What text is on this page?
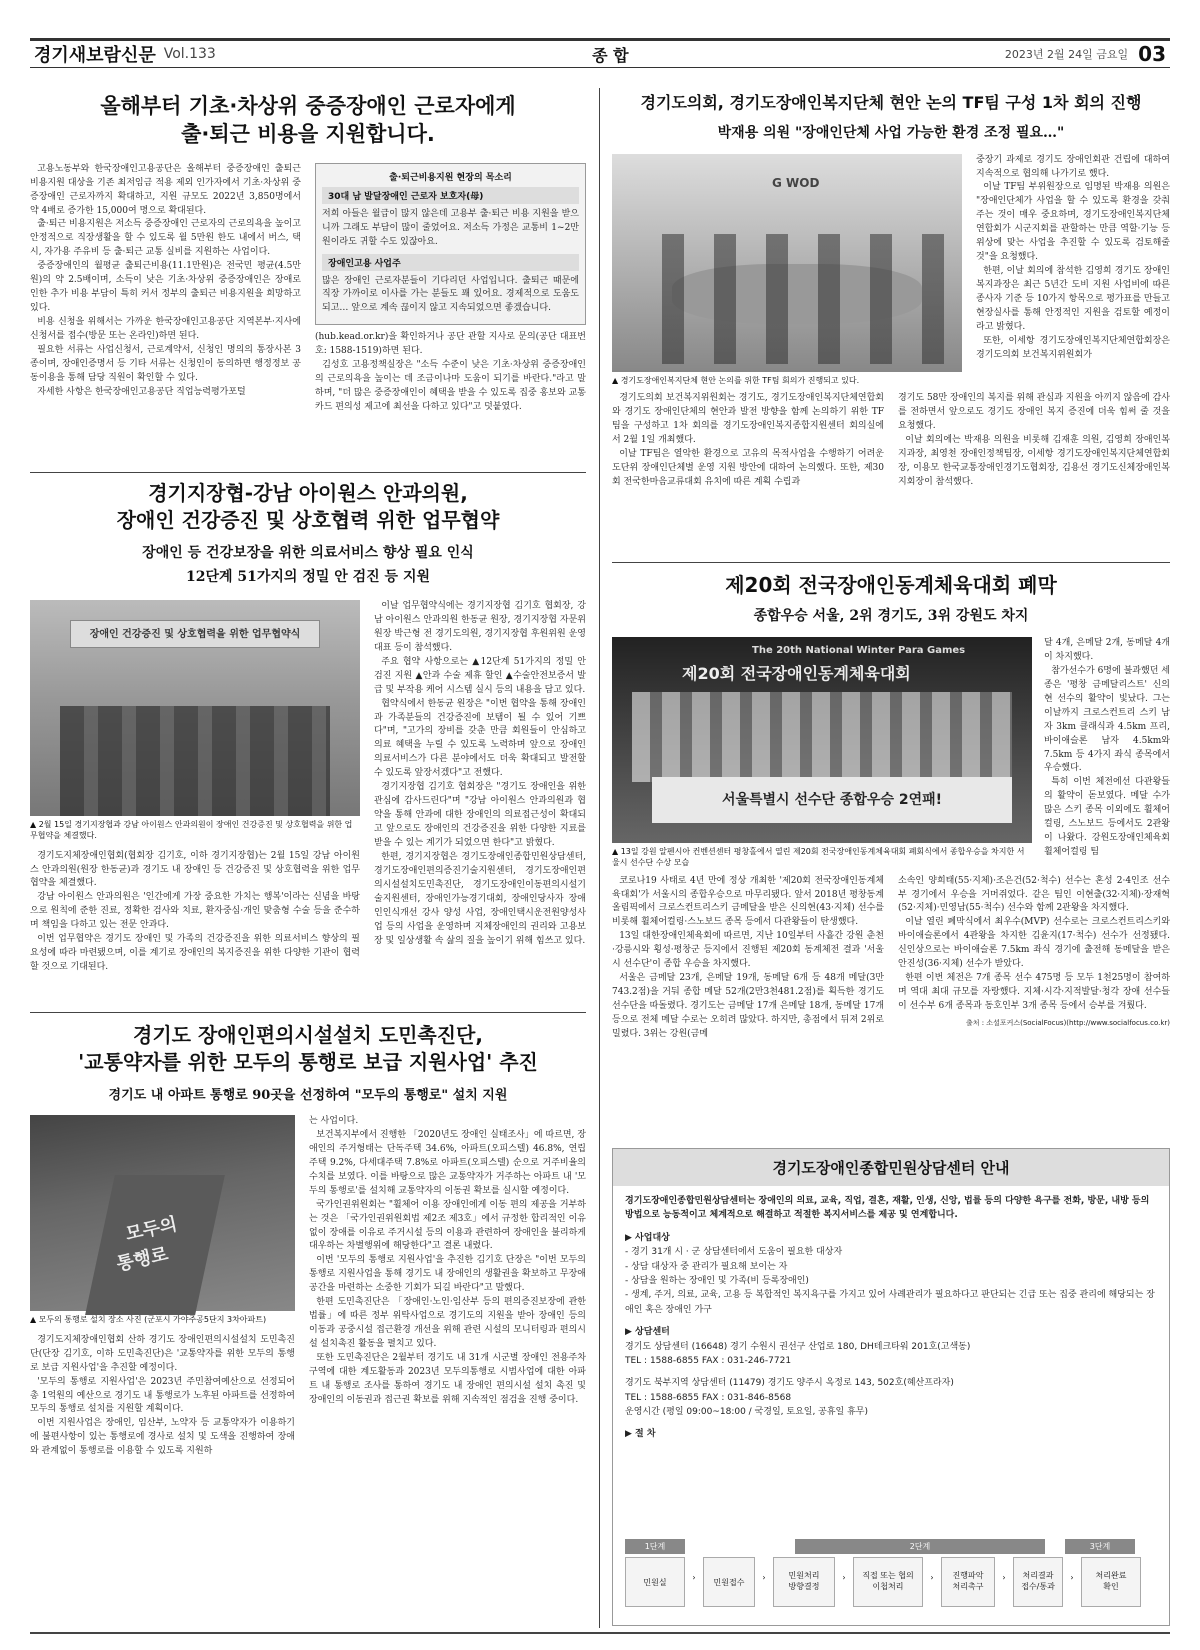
경기새보람신문 Vol.133	종 합	2023년 2월 24일 금요일 03
올해부터 기초·차상위 중증장애인 근로자에게
출·퇴근 비용을 지원합니다.

고용노동부와 한국장애인고용공단은 올해부터 중증장애인 출퇴근 비용지원 대상을 기존 최저임금 적용 제외 인가자에서 기초·차상위 중증장애인 근로자까지 확대하고, 지원 규모도 2022년 3,850명에서 약 4배로 증가한 15,000여 명으로 확대된다.

출·퇴근 비용지원은 저소득 중증장애인 근로자의 근로의욕을 높이고 안정적으로 직장생활을 할 수 있도록 월 5만원 한도 내에서 버스, 택시, 자가용 주유비 등 출·퇴근 교통 실비를 지원하는 사업이다.

중증장애인의 월평균 출퇴근비용(11.1만원)은 전국민 평균(4.5만원)의 약 2.5배이며, 소득이 낮은 기초·차상위 중증장애인은 장애로 인한 추가 비용 부담이 특히 커서 정부의 출퇴근 비용지원을 희망하고 있다.

비용 신청을 위해서는 가까운 한국장애인고용공단 지역본부·지사에 신청서를 접수(방문 또는 온라인)하면 된다.

필요한 서류는 사업신청서, 근로계약서, 신청인 명의의 통장사본 3종이며, 장애인증명서 등 기타 서류는 신청인이 동의하면 행정정보 공동이용을 통해 담당 직원이 확인할 수 있다.

자세한 사항은 한국장애인고용공단 직업능력평가포털

출·퇴근비용지원 현장의 목소리
30대 남 발달장애인 근로자 보호자(母)
저희 아들은 월급이 많지 않은데 고용부 출·퇴근 비용 지원을 받으니까 그래도 부담이 많이 줄었어요. 저소득 가정은 교통비 1~2만원이라도 귀할 수도 있잖아요.
장애인고용 사업주
많은 장애인 근로자분들이 기다리던 사업입니다. 출퇴근 때문에 직장 가까이로 이사를 가는 분들도 꽤 있어요. 경제적으로 도움도 되고… 앞으로 계속 끊이지 않고 지속되었으면 좋겠습니다.

(hub.kead.or.kr)을 확인하거나 공단 관할 지사로 문의(공단 대표번호: 1588-1519)하면 된다.

김성호 고용정책실장은 "소득 수준이 낮은 기초·차상위 중증장애인의 근로의욕을 높이는 데 조금이나마 도움이 되기를 바란다."라고 말하며, "더 많은 중증장애인이 혜택을 받을 수 있도록 집중 홍보와 교통카드 편의성 제고에 최선을 다하고 있다"고 덧붙였다.

경기지장협-강남 아이원스 안과의원,
장애인 건강증진 및 상호협력 위한 업무협약
장애인 등 건강보장을 위한 의료서비스 향상 필요 인식
12단계 51가지의 정밀 안 검진 등 지원
장애인 건강증진 및 상호협력을 위한 업무협약식
▲ 2월 15일 경기지장협과 강남 아이원스 안과의원이 장애인 건강증진 및 상호협력을 위한 업무협약을 체결했다.

경기도지체장애인협회(협회장 김기호, 이하 경기지장협)는 2월 15일 강남 아이원스 안과의원(원장 한동균)과 경기도 내 장애인 등 건강증진 및 상호협력을 위한 업무협약을 체결했다.

강남 아이원스 안과의원은 '인간에게 가장 중요한 가치는 행복'이라는 신념을 바탕으로 원칙에 준한 진료, 정확한 검사와 치료, 환자중심·개인 맞춤형 수술 등을 준수하며 책임을 다하고 있는 전문 안과다.

이번 업무협약은 경기도 장애인 및 가족의 건강증진을 위한 의료서비스 향상의 필요성에 따라 마련됐으며, 이를 계기로 장애인의 복지증진을 위한 다양한 기관이 협력할 것으로 기대된다.

이날 업무협약식에는 경기지장협 김기호 협회장, 강남 아이원스 안과의원 한동균 원장, 경기지장협 자문위원장 박근형 전 경기도의원, 경기지장협 후원위원 운영 대표 등이 참석했다.

주요 협약 사항으로는 ▲12단계 51가지의 정밀 안 검진 지원 ▲안과 수술 제휴 할인 ▲수술안전보증서 발급 및 부작용 케어 시스템 실시 등의 내용을 담고 있다.

협약식에서 한동균 원장은 "이번 협약을 통해 장애인과 가족분들의 건강증진에 보탬이 될 수 있어 기쁘다"며, "고가의 장비를 갖춘 만큼 회원들이 안심하고 의료 혜택을 누릴 수 있도록 노력하며 앞으로 장애인 의료서비스가 다른 분야에서도 더욱 확대되고 발전할 수 있도록 앞장서겠다"고 전했다.

경기지장협 김기호 협회장은 "경기도 장애인을 위한 관심에 감사드린다"며 "강남 아이원스 안과의원과 협약을 통해 안과에 대한 장애인의 의료접근성이 확대되고 앞으로도 장애인의 건강증진을 위한 다양한 지료를 받을 수 있는 계기가 되었으면 한다"고 밝혔다.

한편, 경기지장협은 경기도장애인종합민원상담센터, 경기도장애인편의증진기술지원센터, 경기도장애인편의시설설치도민촉진단, 경기도장애인이동편의시설기술지원센터, 장애인가능경기대회, 장애인당사자 장애인인식개선 강사 양성 사업, 장애인택시운전원양성사업 등의 사업을 운영하며 지체장애인의 권리와 고용보장 및 일상생활 속 삶의 질을 높이기 위해 힘쓰고 있다.

경기도 장애인편의시설설치 도민촉진단,
'교통약자를 위한 모두의 통행로 보급 지원사업' 추진
경기도 내 아파트 통행로 90곳을 선정하여 "모두의 통행로" 설치 지원
모두의
통행로
▲ 모두의 통행로 설치 장소 사진 (군포시 가야주공5단지 3차아파트)

경기도지체장애인협회 산하 경기도 장애인편의시설설치 도민촉진단(단장 김기호, 이하 도민촉진단)은 '교통약자를 위한 모두의 통행로 보급 지원사업'을 추진할 예정이다.

'모두의 통행로 지원사업'은 2023년 주민참여예산으로 선정되어 총 1억원의 예산으로 경기도 내 통행로가 노후된 아파트를 선정하여 모두의 통행로 설치를 지원할 계획이다.

이번 지원사업은 장애인, 임산부, 노약자 등 교통약자가 이용하기에 불편사항이 있는 통행로에 경사로 설치 및 도색을 진행하여 장애와 관계없이 통행로를 이용할 수 있도록 지원하

는 사업이다.

보건복지부에서 진행한 「2020년도 장애인 실태조사」에 따르면, 장애인의 주거형태는 단독주택 34.6%, 아파트(오피스텔) 46.8%, 연립주택 9.2%, 다세대주택 7.8%로 아파트(오피스텔) 순으로 거주비율의 수치를 보였다. 이를 바탕으로 많은 교통약자가 거주하는 아파트 내 '모두의 통행로'를 설치해 교통약자의 이동권 확보를 실시할 예정이다.

국가인권위원회는 "휠체어 이용 장애인에게 이동 편의 제공을 거부하는 것은 「국가인권위원회법 제2조 제3호」에서 규정한 합리적인 이유 없이 장애를 이유로 주거시설 등의 이용과 관련하여 장애인을 불리하게 대우하는 차별행위에 해당한다"고 결론 내렸다.

이번 '모두의 통행로 지원사업'을 추진한 김기호 단장은 "이번 모두의 통행로 지원사업을 통해 경기도 내 장애인의 생활권을 확보하고 무장애 공간을 마련하는 소중한 기회가 되길 바란다"고 말했다.

한편 도민촉진단은 「장애인·노인·임산부 등의 편의증진보장에 관한 법률」에 따른 정부 위탁사업으로 경기도의 지원을 받아 장애인 등의 이동과 공중시설 접근환경 개선을 위해 관련 시설의 모니터링과 편의시설 설치촉진 활동을 펼치고 있다.

또한 도민촉진단은 2월부터 경기도 내 31개 시군별 장애인 전용주차구역에 대한 계도활동과 2023년 모두의통행로 시범사업에 대한 아파트 내 통행로 조사를 통하여 경기도 내 장애인 편의시설 설치 촉진 및 장애인의 이동권과 접근권 확보를 위해 지속적인 점검을 진행 중이다.

경기도의회, 경기도장애인복지단체 현안 논의 TF팀 구성 1차 회의 진행
박재용 의원 "장애인단체 사업 가능한 환경 조정 필요…"
G WOD
▲ 경기도장애인복지단체 현안 논의를 위한 TF팀 회의가 진행되고 있다.

중장기 과제로 경기도 장애인회관 건립에 대하여 지속적으로 협의해 나가기로 했다.

이날 TF팀 부위원장으로 임명된 박재용 의원은 "장애인단체가 사업을 할 수 있도록 환경을 갖춰주는 것이 매우 중요하며, 경기도장애인복지단체연합회가 시군지회를 관할하는 만큼 역할·기능 등 위상에 맞는 사업을 추진할 수 있도록 검토해줄 것"을 요청했다.

한편, 이날 회의에 참석한 김영희 경기도 장애인복지과장은 최근 5년간 도비 지원 사업비에 따른 종사자 기준 등 10가지 항목으로 평가표를 만들고 현장실사를 통해 안정적인 지원을 검토할 예정이라고 밝혔다.

또한, 이세항 경기도장애인복지단체연합회장은 경기도의회 보건복지위원회가

경기도의회 보건복지위원회는 경기도, 경기도장애인복지단체연합회와 경기도 장애인단체의 현안과 발전 방향을 함께 논의하기 위한 TF팀을 구성하고 1차 회의를 경기도장애인복지종합지원센터 회의실에서 2월 1일 개최했다.

이날 TF팀은 열악한 환경으로 고유의 목적사업을 수행하기 어려운 도단위 장애인단체별 운영 지원 방안에 대하여 논의했다. 또한, 제30회 전국한마음교류대회 유치에 따른 계획 수립과

경기도 58만 장애인의 복지를 위해 관심과 지원을 아끼지 않음에 감사를 전하면서 앞으로도 경기도 장애인 복지 증진에 더욱 힘써 줄 것을 요청했다.

이날 회의에는 박재용 의원을 비롯해 김재훈 의원, 김영희 장애인복지과장, 최영천 장애인정책팀장, 이세항 경기도장애인복지단체연합회장, 이용모 한국교통장애인경기도협회장, 김용선 경기도신체장애인복지회장이 참석했다.

제20회 전국장애인동계체육대회 폐막
종합우승 서울, 2위 경기도, 3위 강원도 차지
The 20th National Winter Para Games
제20회 전국장애인동계체육대회
서울특별시 선수단 종합우승 2연패!
▲ 13일 강원 알펜시아 컨벤션센터 평창홀에서 열린 제20회 전국장애인동계체육대회 폐회식에서 종합우승을 차지한 서울시 선수단 수상 모습

달 4개, 은메달 2개, 동메달 4개이 차지했다.

참가선수가 6명에 불과했던 세종은 '평창 금메달리스트' 신의현 선수의 활약이 빛났다. 그는 이날까지 크로스컨트리 스키 남자 3km 클래식과 4.5km 프리, 바이애슬론 남자 4.5km와 7.5km 등 4가지 좌식 종목에서 우승했다.

특히 이번 체전에선 다관왕들의 활약이 돋보였다. 메달 수가 많은 스키 종목 이외에도 휠체어컬링, 스노보드 등에서도 2관왕이 나왔다. 강원도장애인체육회 휠체어컬링 팀

코로나19 사태로 4년 만에 정상 개최한 '제20회 전국장애인동계체육대회'가 서울시의 종합우승으로 마무리됐다. 앞서 2018년 평창동계올림픽에서 크로스컨트리스키 금메달을 받은 신의현(43·지체) 선수를 비롯해 휠체어컬링·스노보드 종목 등에서 다관왕들이 탄생했다.

13일 대한장애인체육회에 따르면, 지난 10일부터 사흘간 강원 춘천·강릉시와 횡성·평창군 등지에서 진행된 제20회 동계체전 결과 '서울시 선수단'이 종합 우승을 차지했다.

서울은 금메달 23개, 은메달 19개, 동메달 6개 등 48개 메달(3만743.2점)을 거둬 종합 메달 52개(2만3천481.2점)를 획득한 경기도 선수단을 따돌렸다. 경기도는 금메달 17개 은메달 18개, 동메달 17개 등으로 전체 메달 수로는 오히려 많았다. 하지만, 총점에서 뒤져 2위로 밀렸다. 3위는 강원(금메

소속인 양희태(55·지체)·조은건(52·척수) 선수는 혼성 2·4인조 선수부 경기에서 우승을 거머쥐었다. 같은 팀인 이현출(32·지체)·장재혁(52·지체)·민영남(55·척수) 선수와 함께 2관왕을 차지했다.

이날 열린 폐막식에서 최우수(MVP) 선수로는 크로스컨트리스키와 바이애슬론에서 4관왕을 차지한 김윤지(17·척수) 선수가 선정됐다. 신인상으로는 바이애슬론 7.5km 좌식 경기에 출전해 동메달을 받은 안진성(36·지체) 선수가 받았다.

한편 이번 체전은 7개 종목 선수 475명 등 모두 1천25명이 참여하며 역대 최대 규모를 자랑했다. 지체·시각·지적발달·청각 장애 선수들이 선수부 6개 종목과 동호인부 3개 종목 등에서 승부를 겨뤘다.

출처 : 소셜포커스(SocialFocus)(http://www.socialfocus.co.kr)
경기도장애인종합민원상담센터 안내
경기도장애인종합민원상담센터는 장애인의 의료, 교육, 직업, 결혼, 재활, 인생, 신앙, 법률 등의 다양한 욕구를 전화, 방문, 내방 등의 방법으로 능동적이고 체계적으로 해결하고 적절한 복지서비스를 제공 및 연계합니다.
▶ 사업대상
- 경기 31개 시 · 군 상담센터에서 도움이 필요한 대상자
- 상담 대상자 중 관리가 필요해 보이는 자
- 상담을 원하는 장애인 및 가족(비 등록장애인)
- 생계, 주거, 의료, 교육, 고용 등 복합적인 복지욕구를 가지고 있어 사례관리가 필요하다고 판단되는 긴급 또는 집중 관리에 해당되는 장애인 혹은 장애인 가구
▶ 상담센터
경기도 상담센터 (16648) 경기 수원시 권선구 산업로 180, DH테크타워 201호(고색동)
TEL : 1588-6855 FAX : 031-246-7721
경기도 북부지역 상담센터 (11479) 경기도 양주시 옥정로 143, 502호(혜산프라자)
TEL : 1588-6855 FAX : 031-846-8568
운영시간 (평일 09:00~18:00 / 국경일, 토요일, 공휴일 휴무)
▶ 절 차
1단계	2단계	3단계
민원실
›
민원접수
›	민원처리
방향결정
›	직접 또는 협의
이첩처리
›	진행파악
처리촉구
›	처리결과
접수/통과
›	처리완료
확인
